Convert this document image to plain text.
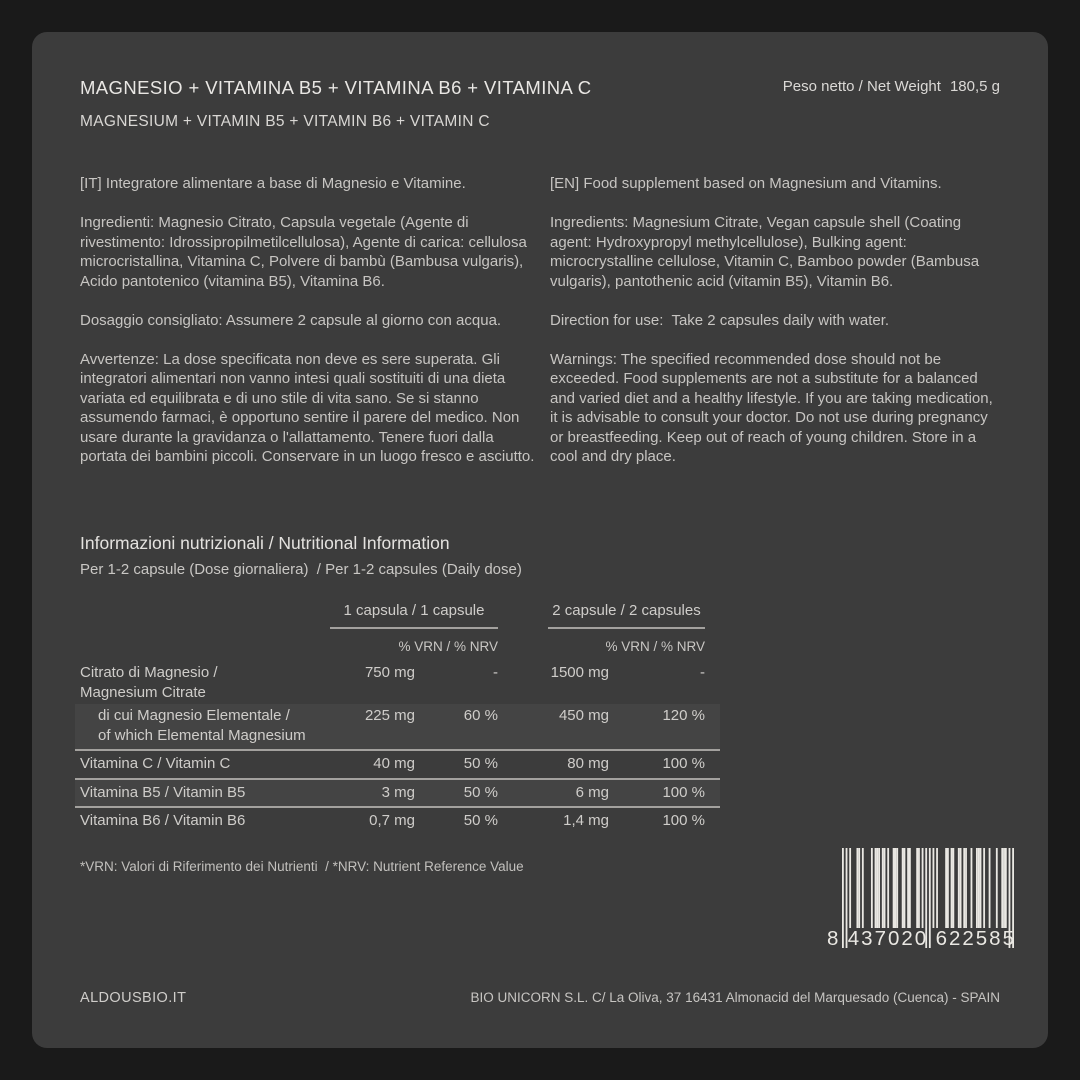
MAGNESIO + VITAMINA B5 + VITAMINA B6 + VITAMINA C
MAGNESIUM + VITAMIN B5 + VITAMIN B6 + VITAMIN C
Peso netto / Net Weight 180,5 g

[IT] Integratore alimentare a base di Magnesio e Vitamine.

Ingredienti: Magnesio Citrato, Capsula vegetale (Agente di rivestimento: Idrossipropilmetilcellulosa), Agente di carica: cellulosa microcristallina, Vitamina C, Polvere di bambù (Bambusa vulgaris), Acido pantotenico (vitamina B5), Vitamina B6.

Dosaggio consigliato: Assumere 2 capsule al giorno con acqua.

Avvertenze: La dose specificata non deve es sere superata. Gli integratori alimentari non vanno intesi quali sostituiti di una dieta variata ed equilibrata e di uno stile di vita sano. Se si stanno assumendo farmaci, è opportuno sentire il parere del medico. Non usare durante la gravidanza o l'allattamento. Tenere fuori dalla portata dei bambini piccoli. Conservare in un luogo fresco e asciutto.

[EN] Food supplement based on Magnesium and Vitamins.

Ingredients: Magnesium Citrate, Vegan capsule shell (Coating agent: Hydroxypropyl methylcellulose), Bulking agent: microcrystalline cellulose, Vitamin C, Bamboo powder (Bambusa vulgaris), pantothenic acid (vitamin B5), Vitamin B6.

Direction for use:  Take 2 capsules daily with water.

Warnings: The specified recommended dose should not be exceeded. Food supplements are not a substitute for a balanced and varied diet and a healthy lifestyle. If you are taking medication, it is advisable to consult your doctor. Do not use during pregnancy or breastfeeding. Keep out of reach of young children. Store in a cool and dry place.

Informazioni nutrizionali / Nutritional Information
Per 1-2 capsule (Dose giornaliera)  / Per 1-2 capsules (Daily dose)
1 capsula / 1 capsule	2 capsule / 2 capsules
% VRN / % NRV	% VRN / % NRV
Citrato di Magnesio /
Magnesium Citrate
750 mg	-	1500 mg	-
di cui Magnesio Elementale /
of which Elemental Magnesium
225 mg	60 %	450 mg	120 %
Vitamina C / Vitamin C	40 mg	50 %	80 mg	100 %
Vitamina B5 / Vitamin B5	3 mg	50 %	6 mg	100 %
Vitamina B6 / Vitamin B6	0,7 mg	50 %	1,4 mg	100 %
*VRN: Valori di Riferimento dei Nutrienti  / *NRV: Nutrient Reference Value
8 437020 622585
ALDOUSBIO.IT	BIO UNICORN S.L. C/ La Oliva, 37 16431 Almonacid del Marquesado (Cuenca) - SPAIN
